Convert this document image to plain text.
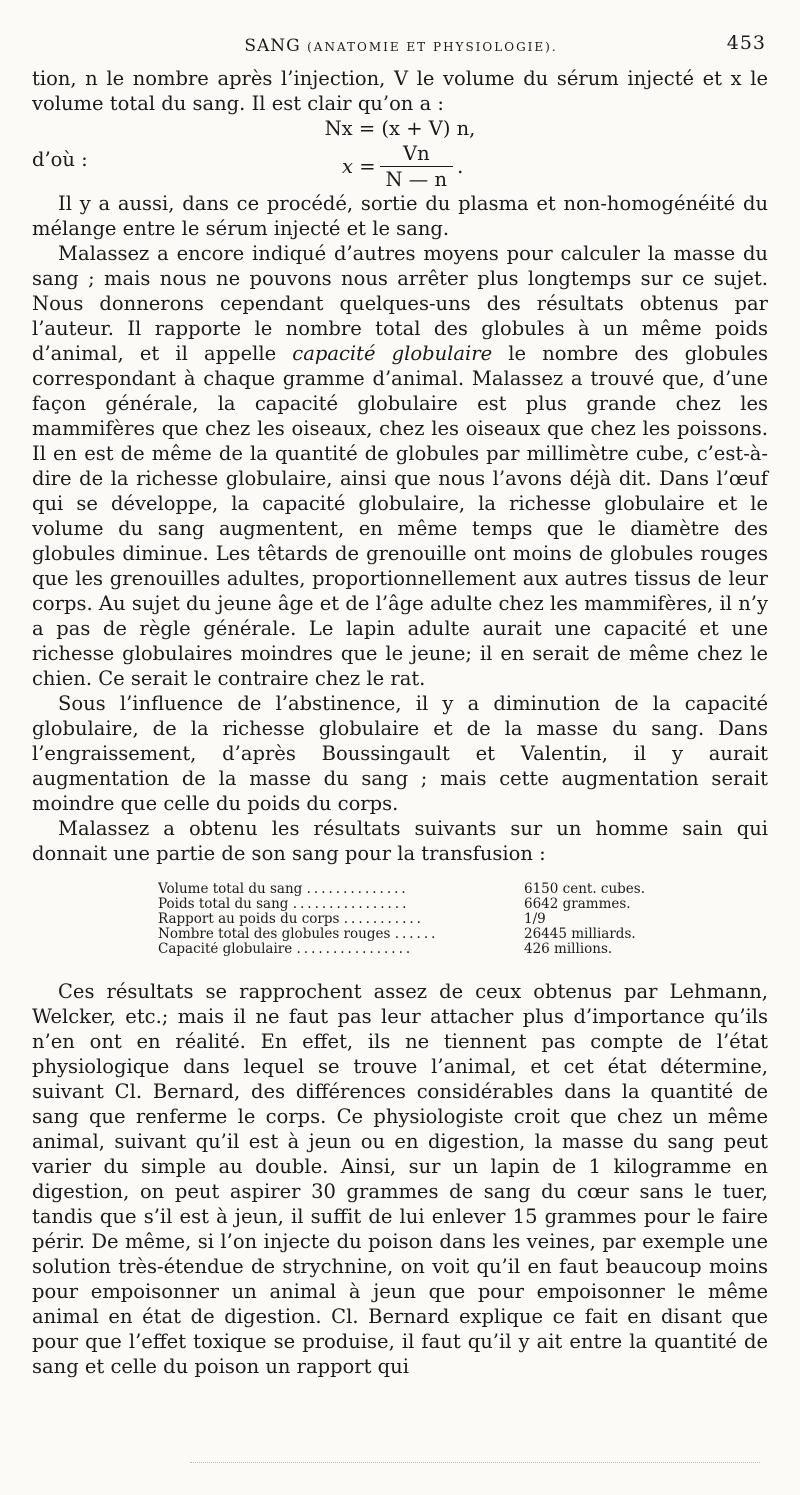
SANG (ANATOMIE ET PHYSIOLOGIE).	453

tion, n le nombre après l’injection, V le volume du sérum injecté et x le volume total du sang. Il est clair qu’on a :

Nx = (x + V) n,

d’où :	$x = \frac{Vn}{N — n}$ .

Il y a aussi, dans ce procédé, sortie du plasma et non-homogénéité du mélange entre le sérum injecté et le sang.

Malassez a encore indiqué d’autres moyens pour calculer la masse du sang ; mais nous ne pouvons nous arrêter plus longtemps sur ce sujet. Nous donnerons cependant quelques-uns des résultats obtenus par l’auteur. Il rapporte le nombre total des globules à un même poids d’animal, et il appelle capacité globulaire le nombre des globules correspondant à chaque gramme d’animal. Malassez a trouvé que, d’une façon générale, la capacité globulaire est plus grande chez les mammifères que chez les oiseaux, chez les oiseaux que chez les poissons. Il en est de même de la quantité de globules par millimètre cube, c’est-à-dire de la richesse globulaire, ainsi que nous l’avons déjà dit. Dans l’œuf qui se développe, la capacité globulaire, la richesse globulaire et le volume du sang augmentent, en même temps que le diamètre des globules diminue. Les têtards de grenouille ont moins de globules rouges que les grenouilles adultes, proportionnellement aux autres tissus de leur corps. Au sujet du jeune âge et de l’âge adulte chez les mammifères, il n’y a pas de règle générale. Le lapin adulte aurait une capacité et une richesse globulaires moindres que le jeune; il en serait de même chez le chien. Ce serait le contraire chez le rat.

Sous l’influence de l’abstinence, il y a diminution de la capacité globulaire, de la richesse globulaire et de la masse du sang. Dans l’engraissement, d’après Boussingault et Valentin, il y aurait augmentation de la masse du sang ; mais cette augmentation serait moindre que celle du poids du corps.

Malassez a obtenu les résultats suivants sur un homme sain qui donnait une partie de son sang pour la transfusion :

Volume total du sang ..............	6150 cent. cubes.
Poids total du sang ................	6642 grammes.
Rapport au poids du corps ...........	1/9
Nombre total des globules rouges ......	26445 milliards.
Capacité globulaire ................	426 millions.

Ces résultats se rapprochent assez de ceux obtenus par Lehmann, Welcker, etc.; mais il ne faut pas leur attacher plus d’importance qu’ils n’en ont en réalité. En effet, ils ne tiennent pas compte de l’état physiologique dans lequel se trouve l’animal, et cet état détermine, suivant Cl. Bernard, des différences considérables dans la quantité de sang que renferme le corps. Ce physiologiste croit que chez un même animal, suivant qu’il est à jeun ou en digestion, la masse du sang peut varier du simple au double. Ainsi, sur un lapin de 1 kilogramme en digestion, on peut aspirer 30 grammes de sang du cœur sans le tuer, tandis que s’il est à jeun, il suffit de lui enlever 15 grammes pour le faire périr. De même, si l’on injecte du poison dans les veines, par exemple une solution très-étendue de strychnine, on voit qu’il en faut beaucoup moins pour empoisonner un animal à jeun que pour empoisonner le même animal en état de digestion. Cl. Bernard explique ce fait en disant que pour que l’effet toxique se produise, il faut qu’il y ait entre la quantité de sang et celle du poison un rapport qui
